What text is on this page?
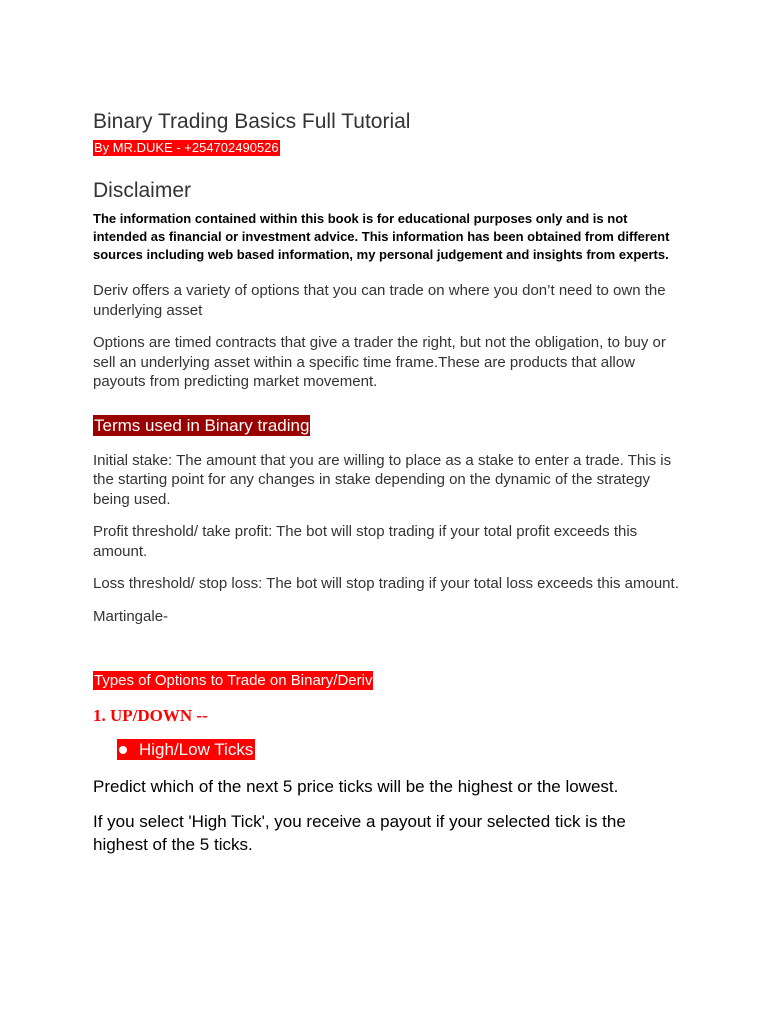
Binary Trading Basics Full Tutorial
By MR.DUKE - +254702490526
Disclaimer

The information contained within this book is for educational purposes only and is not intended as financial or investment advice. This information has been obtained from different sources including web based information, my personal judgement and insights from experts.

Deriv offers a variety of options that you can trade on where you don’t need to own the underlying asset

Options are timed contracts that give a trader the right, but not the obligation, to buy or sell an underlying asset within a specific time frame.These are products that allow payouts from predicting market movement.

Terms used in Binary trading

Initial stake: The amount that you are willing to place as a stake to enter a trade. This is the starting point for any changes in stake depending on the dynamic of the strategy being used.

Profit threshold/ take profit: The bot will stop trading if your total profit exceeds this amount.

Loss threshold/ stop loss: The bot will stop trading if your total loss exceeds this amount.

Martingale-

Types of Options to Trade on Binary/Deriv
1. UP/DOWN --
High/Low Ticks

Predict which of the next 5 price ticks will be the highest or the lowest.

If you select 'High Tick', you receive a payout if your selected tick is the highest of the 5 ticks.
